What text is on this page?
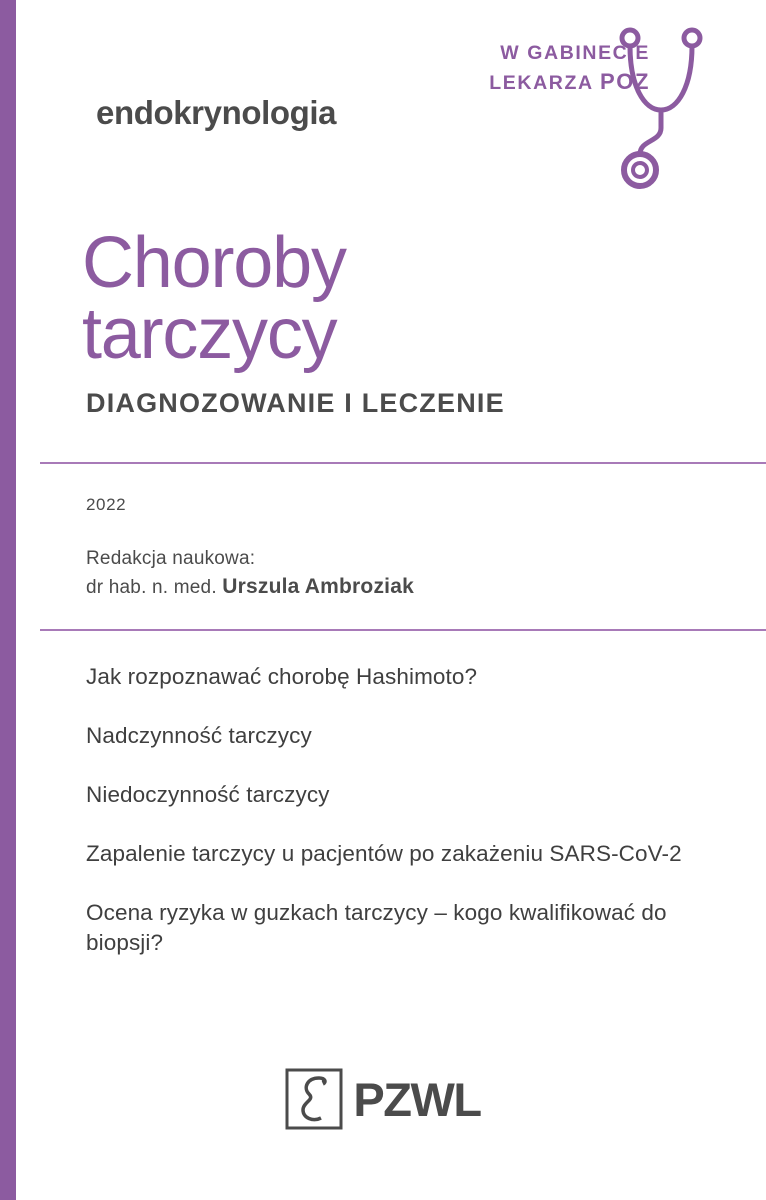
W GABINECIE
LEKARZA POZ
endokrynologia
Choroby
tarczycy
DIAGNOZOWANIE I LECZENIE
2022
Redakcja naukowa:
dr hab. n. med. Urszula Ambroziak
Jak rozpoznawać chorobę Hashimoto?
Nadczynność tarczycy
Niedoczynność tarczycy
Zapalenie tarczycy u pacjentów po zakażeniu SARS-CoV-2
Ocena ryzyka w guzkach tarczycy – kogo kwalifikować do biopsji?
PZWL
